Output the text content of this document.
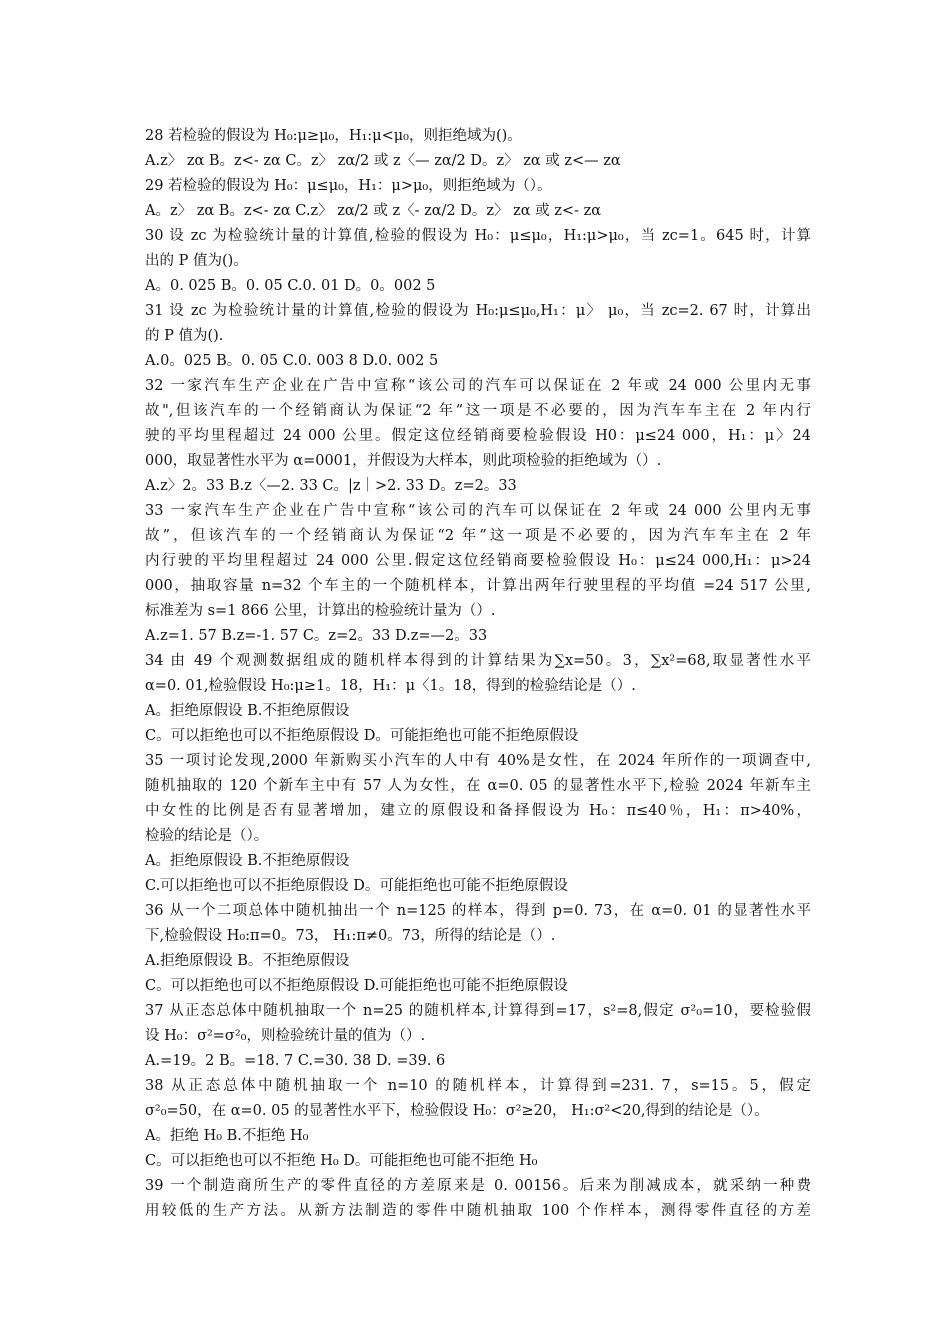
28 若检验的假设为 H₀:μ≥μ₀，H₁:μ<μ₀，则拒绝域为()。
A.z〉 zα B。z<- zα C。z〉 zα/2 或 z〈— zα/2 D。z〉 zα 或 z<— zα
29 若检验的假设为 H₀：μ≤μ₀，H₁：μ>μ₀，则拒绝域为（）。
A。z〉 zα B。z<- zα C.z〉 zα/2 或 z〈- zα/2 D。z〉 zα 或 z<- zα
30 设 zc 为检验统计量的计算值,检验的假设为 H₀：μ≤μ₀，H₁:μ>μ₀，当 zc=1。645 时，计算
出的 P 值为()。
A。0. 025 B。0. 05 C.0. 01 D。0。002 5
31 设 zc 为检验统计量的计算值,检验的假设为 H₀:μ≤μ₀,H₁：μ〉 μ₀，当 zc=2. 67 时，计算出
的 P 值为().
A.0。025 B。0. 05 C.0. 003 8 D.0. 002 5
32 一家汽车生产企业在广告中宣称“该公司的汽车可以保证在 2 年或 24 000 公里内无事
故",但该汽车的一个经销商认为保证“2 年”这一项是不必要的，因为汽车车主在 2 年内行
驶的平均里程超过 24 000 公里。假定这位经销商要检验假设 H0：μ≤24 000，H₁：μ〉24
000，取显著性水平为 α=0001，并假设为大样本，则此项检验的拒绝域为（）.
A.z〉2。33 B.z〈—2. 33 C。|z｜>2. 33 D。z=2。33
33 一家汽车生产企业在广告中宣称“该公司的汽车可以保证在 2 年或 24 000 公里内无事
故”，但该汽车的一个经销商认为保证“2 年”这一项是不必要的，因为汽车车主在 2 年
内行驶的平均里程超过 24 000 公里.假定这位经销商要检验假设 H₀：μ≤24 000,H₁：μ>24
000，抽取容量 n=32 个车主的一个随机样本，计算出两年行驶里程的平均值 =24 517 公里,
标准差为 s=1 866 公里，计算出的检验统计量为（）.
A.z=1. 57 B.z=-1. 57 C。z=2。33 D.z=—2。33
34 由 49 个观测数据组成的随机样本得到的计算结果为∑x=50。3，∑x²=68,取显著性水平
α=0. 01,检验假设 H₀:μ≥1。18，H₁：μ〈1。18，得到的检验结论是（）.
A。拒绝原假设 B.不拒绝原假设
C。可以拒绝也可以不拒绝原假设 D。可能拒绝也可能不拒绝原假设
35 一项讨论发现,2000 年新购买小汽车的人中有 40%是女性，在 2024 年所作的一项调查中,
随机抽取的 120 个新车主中有 57 人为女性，在 α=0. 05 的显著性水平下,检验 2024 年新车主
中女性的比例是否有显著增加，建立的原假设和备择假设为 H₀：π≤40％，H₁：π>40%，
检验的结论是（）。
A。拒绝原假设 B.不拒绝原假设
C.可以拒绝也可以不拒绝原假设 D。可能拒绝也可能不拒绝原假设
36 从一个二项总体中随机抽出一个 n=125 的样本，得到 p=0. 73，在 α=0. 01 的显著性水平
下,检验假设 H₀:π=0。73， H₁:π≠0。73，所得的结论是（）.
A.拒绝原假设 B。不拒绝原假设
C。可以拒绝也可以不拒绝原假设 D.可能拒绝也可能不拒绝原假设
37 从正态总体中随机抽取一个 n=25 的随机样本,计算得到=17，s²=8,假定 σ²₀=10，要检验假
设 H₀：σ²=σ²₀，则检验统计量的值为（）.
A.=19。2 B。=18. 7 C.=30. 38 D. =39. 6
38 从正态总体中随机抽取一个 n=10 的随机样本，计算得到=231. 7，s=15。5，假定
σ²₀=50，在 α=0. 05 的显著性水平下，检验假设 H₀：σ²≥20， H₁:σ²<20,得到的结论是（）。
A。拒绝 H₀ B.不拒绝 H₀
C。可以拒绝也可以不拒绝 H₀ D。可能拒绝也可能不拒绝 H₀
39 一个制造商所生产的零件直径的方差原来是 0. 00156。后来为削减成本，就采纳一种费
用较低的生产方法。从新方法制造的零件中随机抽取 100 个作样本，测得零件直径的方差
